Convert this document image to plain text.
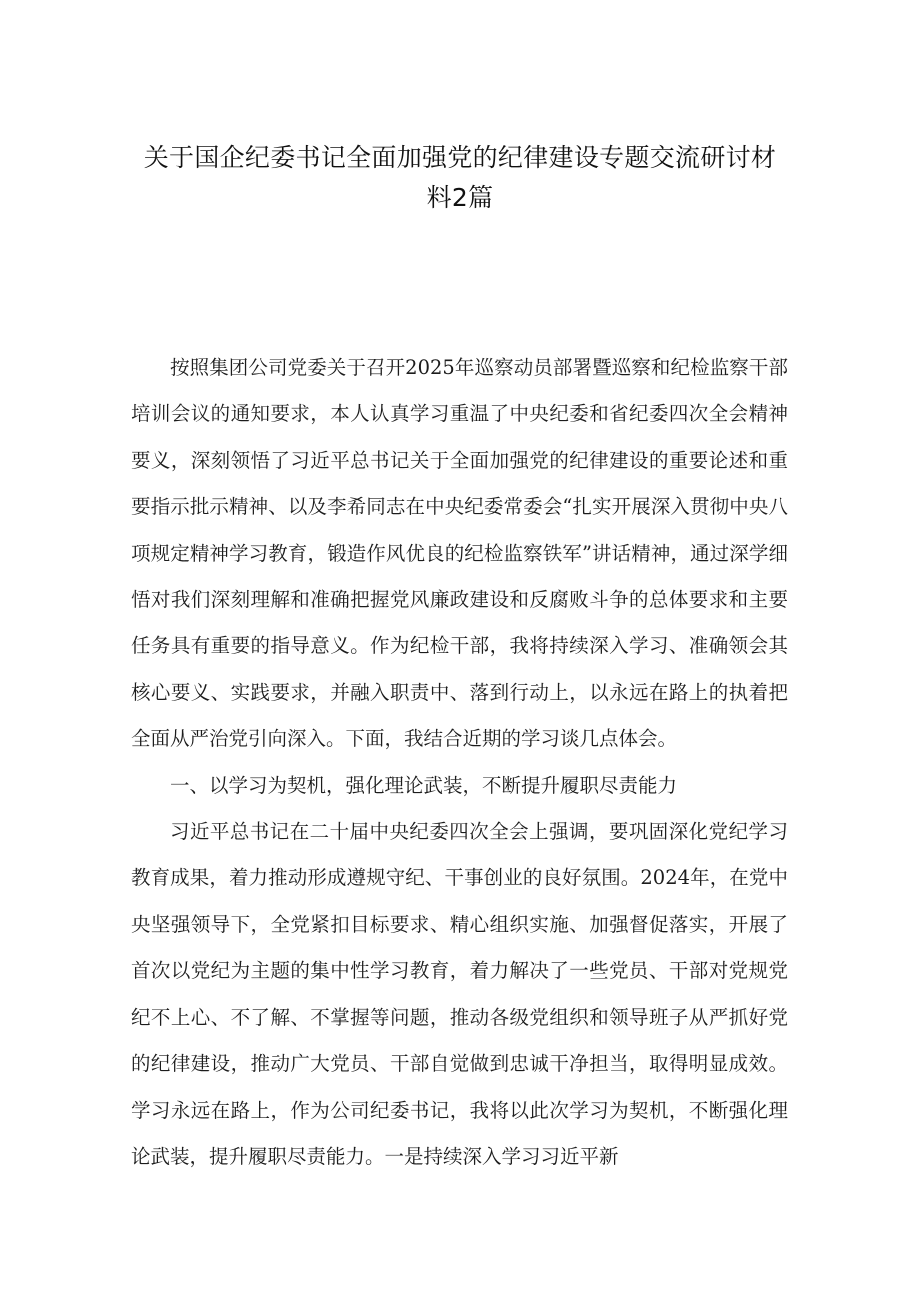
关于国企纪委书记全面加强党的纪律建设专题交流研讨材
料2篇

按照集团公司党委关于召开2025年巡察动员部署暨巡察和纪检监察干部培训会议的通知要求，本人认真学习重温了中央纪委和省纪委四次全会精神要义，深刻领悟了习近平总书记关于全面加强党的纪律建设的重要论述和重要指示批示精神、以及李希同志在中央纪委常委会“扎实开展深入贯彻中央八项规定精神学习教育，锻造作风优良的纪检监察铁军”讲话精神，通过深学细悟对我们深刻理解和准确把握党风廉政建设和反腐败斗争的总体要求和主要任务具有重要的指导意义。作为纪检干部，我将持续深入学习、准确领会其核心要义、实践要求，并融入职责中、落到行动上，以永远在路上的执着把全面从严治党引向深入。下面，我结合近期的学习谈几点体会。

一、以学习为契机，强化理论武装，不断提升履职尽责能力

习近平总书记在二十届中央纪委四次全会上强调，要巩固深化党纪学习教育成果，着力推动形成遵规守纪、干事创业的良好氛围。2024年，在党中央坚强领导下，全党紧扣目标要求、精心组织实施、加强督促落实，开展了首次以党纪为主题的集中性学习教育，着力解决了一些党员、干部对党规党纪不上心、不了解、不掌握等问题，推动各级党组织和领导班子从严抓好党的纪律建设，推动广大党员、干部自觉做到忠诚干净担当，取得明显成效。学习永远在路上，作为公司纪委书记，我将以此次学习为契机，不断强化理论武装，提升履职尽责能力。一是持续深入学习习近平新
